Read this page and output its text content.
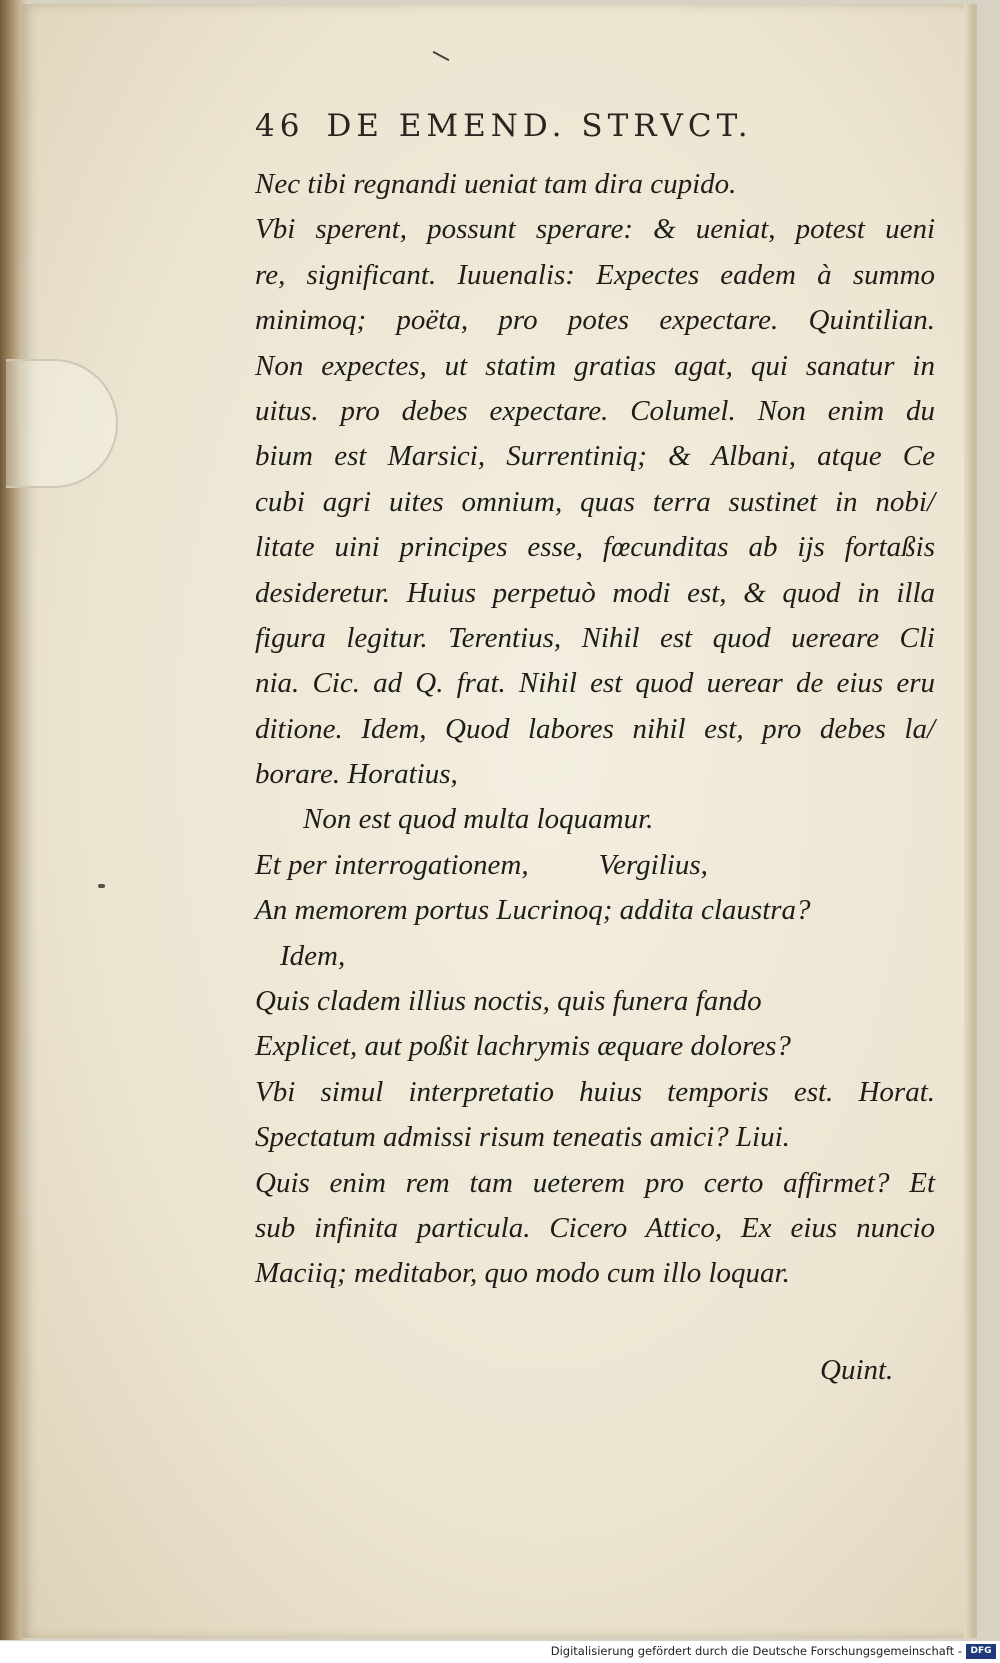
46 DE EMEND. STRVCT.
Nec tibi regnandi ueniat tam dira cupido.
Vbi sperent, possunt sperare: & ueniat, potest ueni
re, significant. Iuuenalis: Expectes eadem à summo
minimoq; poëta, pro potes expectare. Quintilian.
Non expectes, ut statim gratias agat, qui sanatur in
uitus. pro debes expectare. Columel. Non enim du
bium est Marsici, Surrentiniq; & Albani, atque Ce
cubi agri uites omnium, quas terra sustinet in nobi/
litate uini principes esse, fœcunditas ab ijs fortaßis
desideretur. Huius perpetuò modi est, & quod in illa
figura legitur. Terentius, Nihil est quod uereare Cli
nia. Cic. ad Q. frat. Nihil est quod uerear de eius eru
ditione. Idem, Quod labores nihil est, pro debes la/
borare. Horatius,
Non est quod multa loquamur.
Et per interrogationem, Vergilius,
An memorem portus Lucrinoq; addita claustra?
Idem,
Quis cladem illius noctis, quis funera fando
Explicet, aut poßit lachrymis æquare dolores?
Vbi simul interpretatio huius temporis est. Horat.
Spectatum admissi risum teneatis amici? Liui.
Quis enim rem tam ueterem pro certo affirmet? Et
sub infinita particula. Cicero Attico, Ex eius nuncio
Maciiq; meditabor, quo modo cum illo loquar.
Quint.
Digitalisierung gefördert durch die Deutsche Forschungsgemeinschaft - DFG
